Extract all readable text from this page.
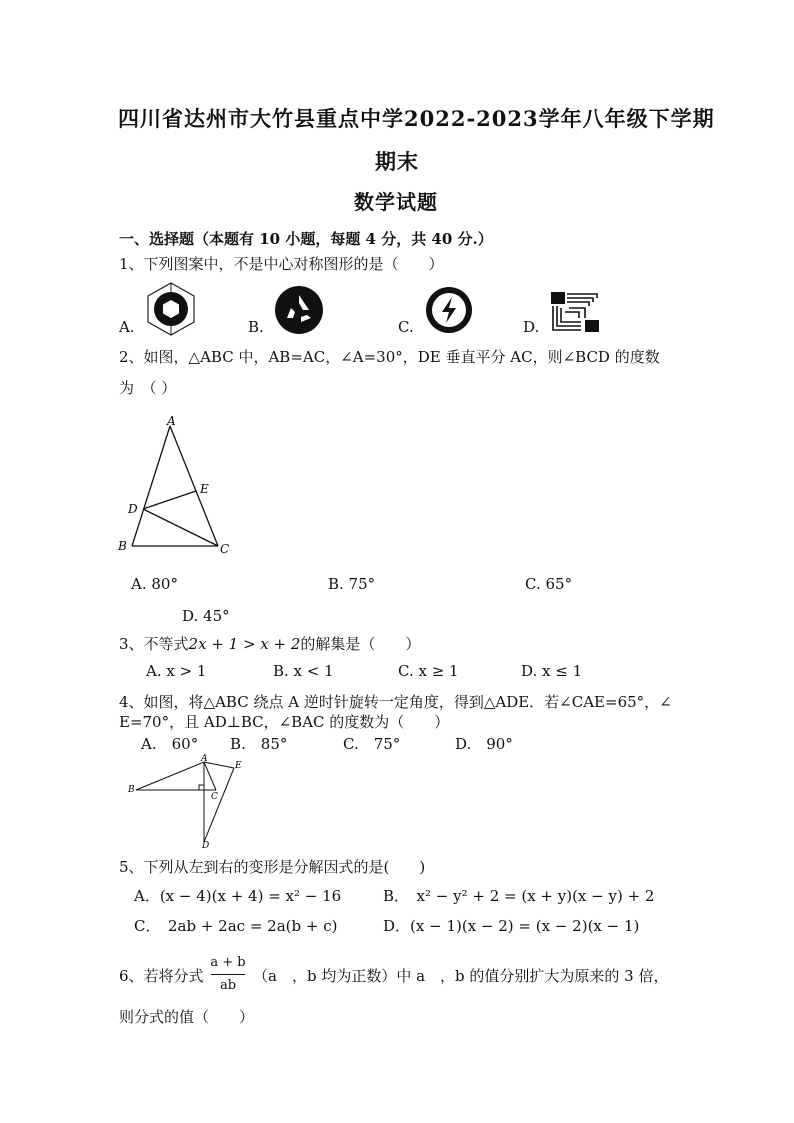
四川省达州市大竹县重点中学2022-2023学年八年级下学期
期末
数学试题
一、选择题（本题有 10 小题，每题 4 分，共 40 分.）
1、下列图案中，不是中心对称图形的是（　　）
A.	B.	C.	D.
2、如图，△ABC 中，AB=AC，∠A=30°，DE 垂直平分 AC，则∠BCD 的度数
为　（ ）
A
B	C
D
E
A. 80°	B. 75°	C. 65°
D. 45°
3、不等式2x + 1 > x + 2的解集是（　　）
A. x > 1	B. x < 1	C. x ≥ 1	D. x ≤ 1
4、如图，将△ABC 绕点 A 逆时针旋转一定角度，得到△ADE．若∠CAE=65°，∠
E=70°，且 AD⊥BC，∠BAC 的度数为（　　）
A.　60° B.　85°	C.　75°	D.　90°
A
B
C
D
E
5、下列从左到右的变形是分解因式的是(　　)
A．(x − 4)(x + 4) = x² − 16	B．　x² − y² + 2 = (x + y)(x − y) + 2
C．　2ab + 2ac = 2a(b + c)	D．(x − 1)(x − 2) = (x − 2)(x − 1)
6、若将分式
a + b
ab
（a　，b 均为正数）中 a　，b 的值分别扩大为原来的 3 倍，
则分式的值（　　）
